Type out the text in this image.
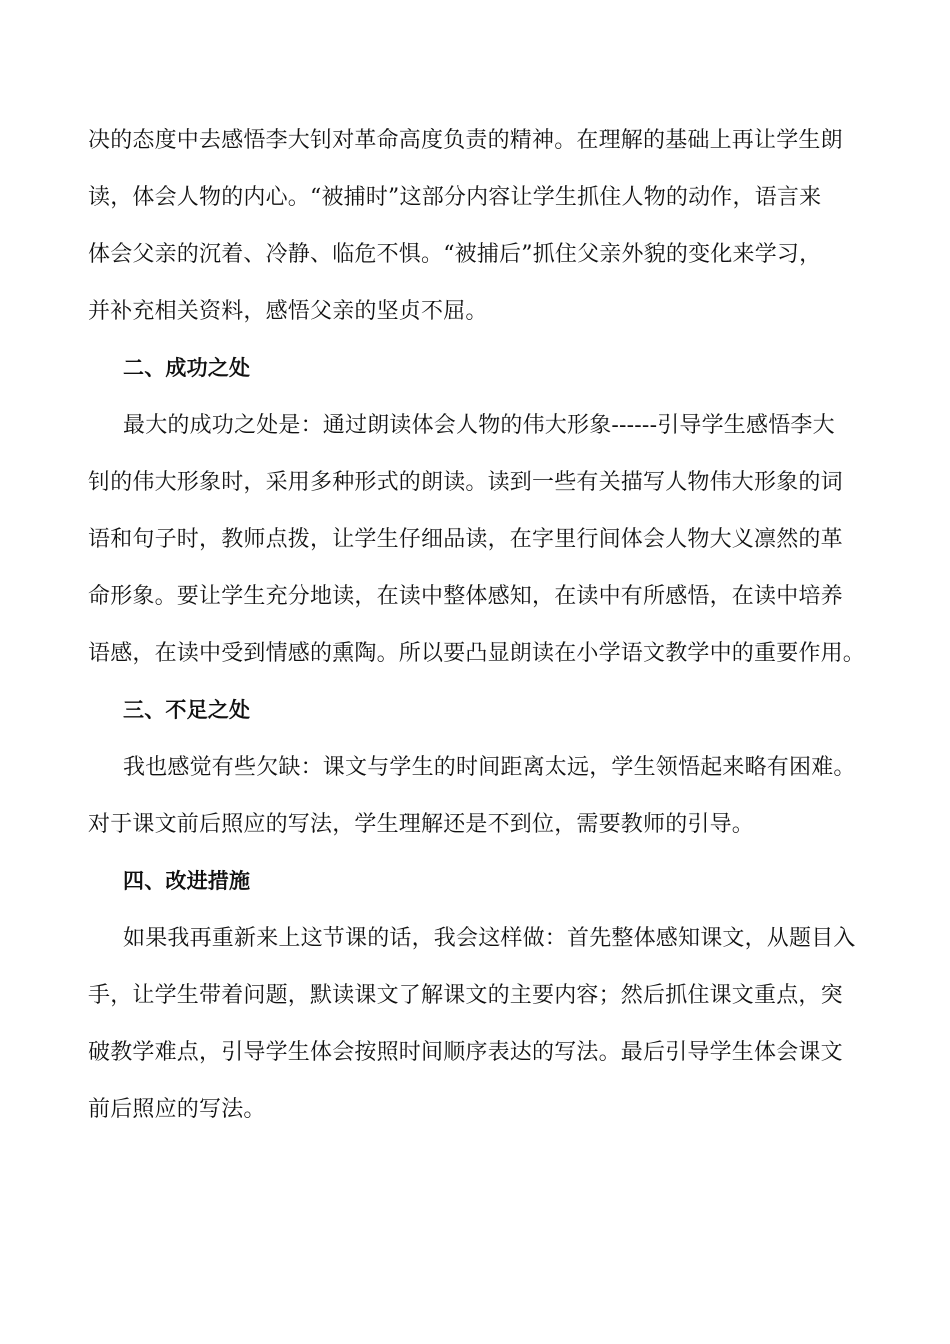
决的态度中去感悟李大钊对革命高度负责的精神。在理解的基础上再让学生朗
读，体会人物的内心。“被捕时”这部分内容让学生抓住人物的动作，语言来
体会父亲的沉着、冷静、临危不惧。“被捕后”抓住父亲外貌的变化来学习，
并补充相关资料，感悟父亲的坚贞不屈。
二、成功之处
最大的成功之处是：通过朗读体会人物的伟大形象------引导学生感悟李大
钊的伟大形象时，采用多种形式的朗读。读到一些有关描写人物伟大形象的词
语和句子时，教师点拨，让学生仔细品读，在字里行间体会人物大义凛然的革
命形象。要让学生充分地读，在读中整体感知，在读中有所感悟，在读中培养
语感，在读中受到情感的熏陶。所以要凸显朗读在小学语文教学中的重要作用。
三、不足之处
我也感觉有些欠缺：课文与学生的时间距离太远，学生领悟起来略有困难。
对于课文前后照应的写法，学生理解还是不到位，需要教师的引导。
四、改进措施
如果我再重新来上这节课的话，我会这样做：首先整体感知课文，从题目入
手，让学生带着问题，默读课文了解课文的主要内容；然后抓住课文重点，突
破教学难点，引导学生体会按照时间顺序表达的写法。最后引导学生体会课文
前后照应的写法。
